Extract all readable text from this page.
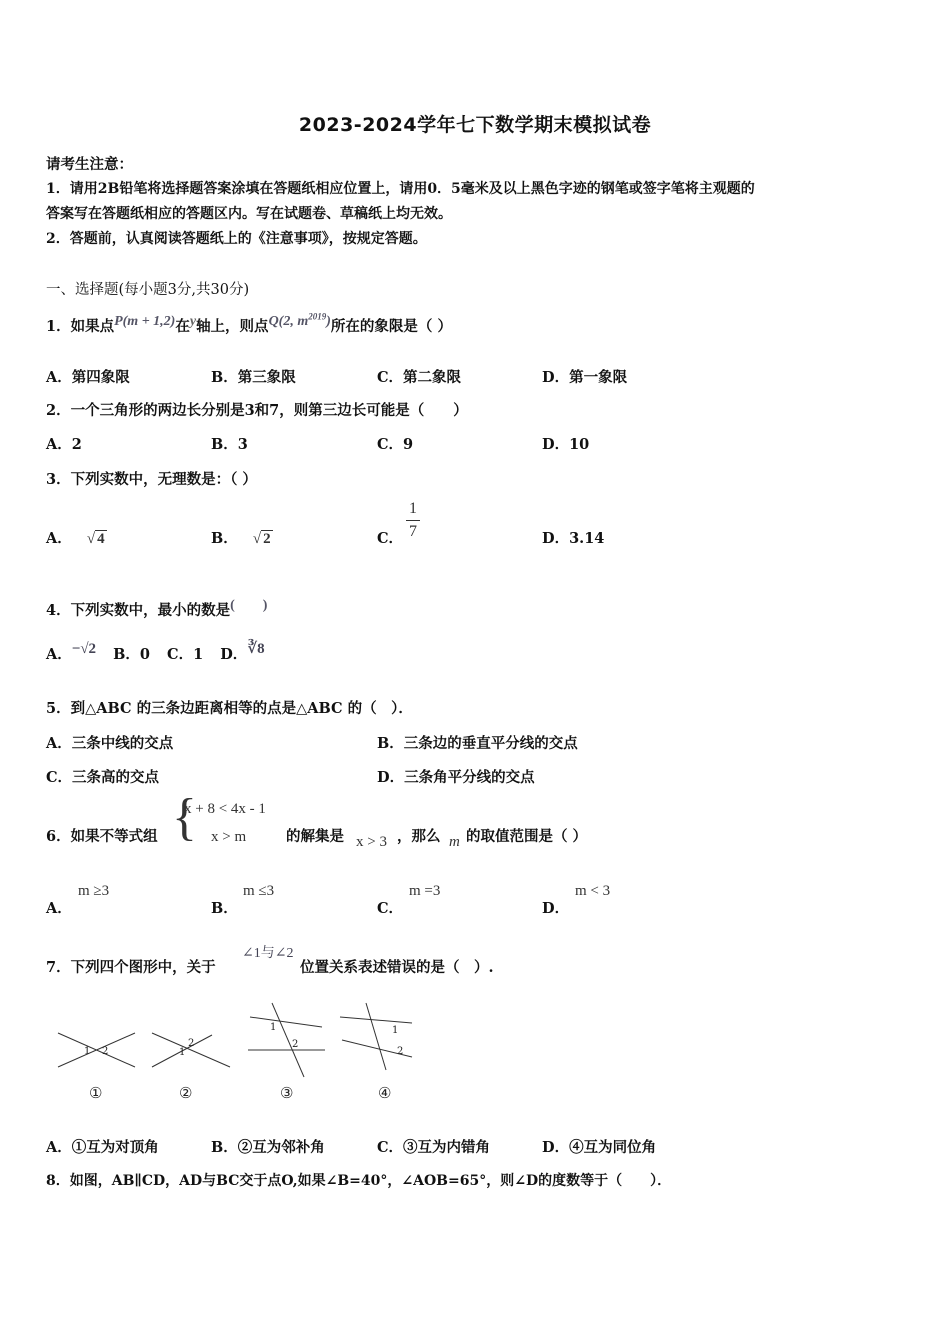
2023-2024学年七下数学期末模拟试卷
请考生注意：
1．请用2B铅笔将选择题答案涂填在答题纸相应位置上，请用0．5毫米及以上黑色字迹的钢笔或签字笔将主观题的
答案写在答题纸相应的答题区内。写在试题卷、草稿纸上均无效。
2．答题前，认真阅读答题纸上的《注意事项》，按规定答题。
一、选择题(每小题3分,共30分)
1．如果点P(m + 1,2)在y轴上，则点Q(2, $m^{2019}$)所在的象限是（ ）
A．第四象限	B．第三象限	C．第二象限	D．第一象限
2．一个三角形的两边长分别是3和7，则第三边长可能是（　　）
A．2	B．3	C．9	D．10
3．下列实数中，无理数是：（ ）
A． √ 4	B． √ 2	C． $\frac{1}{7}$	D．3.14
4．下列实数中，最小的数是(　　)
A．−√2 B．0 C．1 D．∛8
5．到△ABC 的三条边距离相等的点是△ABC 的（　）．
A．三条中线的交点	B．三条边的垂直平分线的交点
C．三条高的交点	D．三条角平分线的交点
6．如果不等式组 {
x + 8 < 4x - 1
x > m	的解集是 x > 3 ，那么 m 的取值范围是（ ）
A．
m ≥3
B．
m ≤3
C．
m =3
D．
m < 3
7．下列四个图形中，关于
∠1与∠2
位置关系表述错误的是（　）.
1 2
①
1
2
②
1
2
③
1
2
④
A．①互为对顶角	B．②互为邻补角	C．③互为内错角	D．④互为同位角
8．如图，AB∥CD，AD与BC交于点O,如果∠B=40°，∠AOB=65°，则∠D的度数等于（　　）．
